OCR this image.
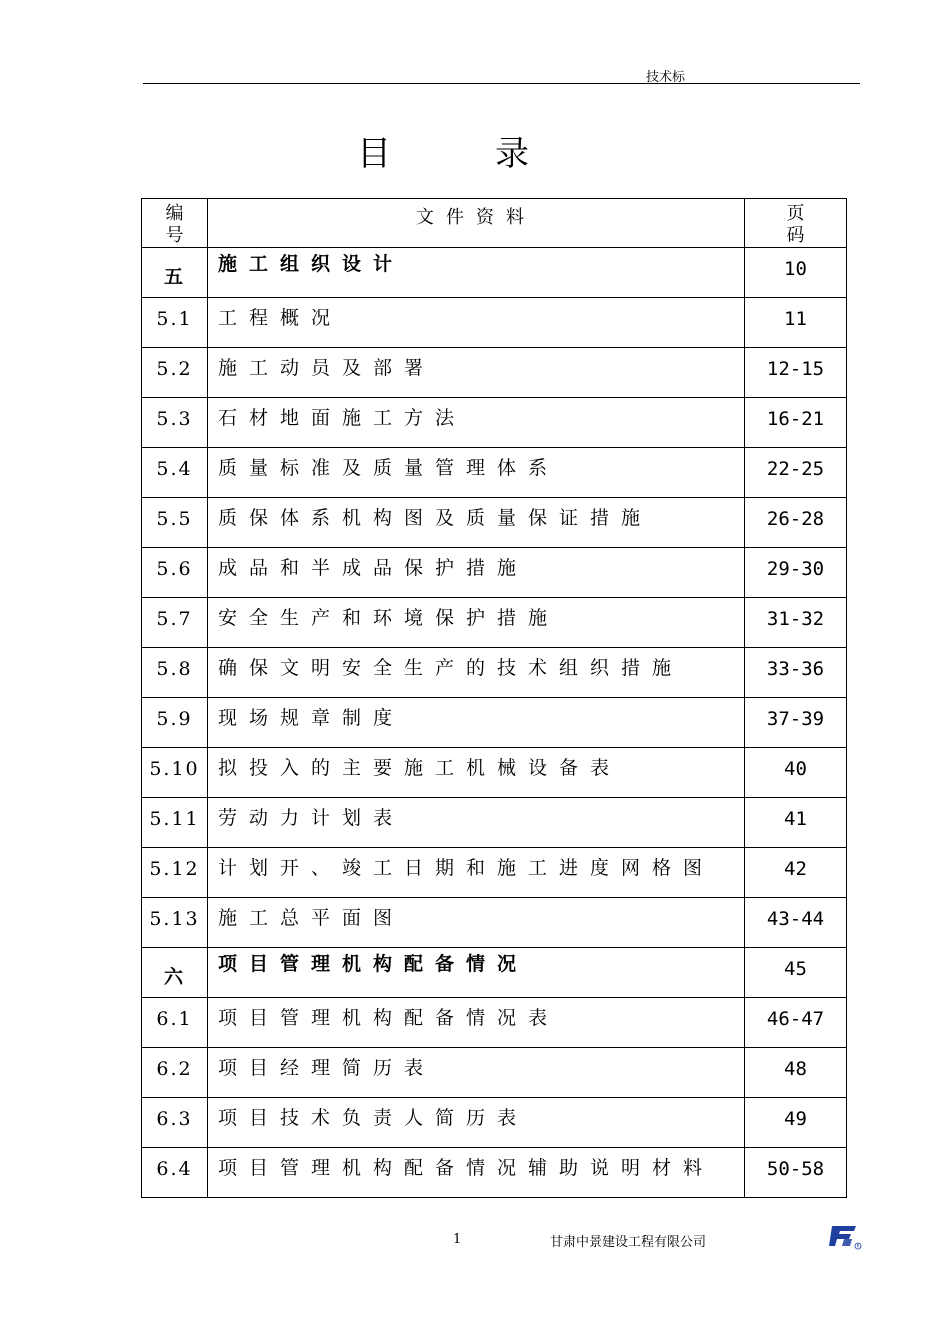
技术标
目录
编号	文件资料	页码

五	施工组织设计	10

5.1	工程概况	11

5.2	施工动员及部署	12-15

5.3	石材地面施工方法	16-21

5.4	质量标准及质量管理体系	22-25

5.5	质保体系机构图及质量保证措施	26-28

5.6	成品和半成品保护措施	29-30

5.7	安全生产和环境保护措施	31-32

5.8	确保文明安全生产的技术组织措施	33-36

5.9	现场规章制度	37-39

5.10	拟投入的主要施工机械设备表	40

5.11	劳动力计划表	41

5.12	计划开、竣工日期和施工进度网格图	42

5.13	施工总平面图	43-44

六	项目管理机构配备情况	45

6.1	项目管理机构配备情况表	46-47

6.2	项目经理简历表	48

6.3	项目技术负责人简历表	49

6.4	项目管理机构配备情况辅助说明材料	50-58
1	甘肃中景建设工程有限公司	R
